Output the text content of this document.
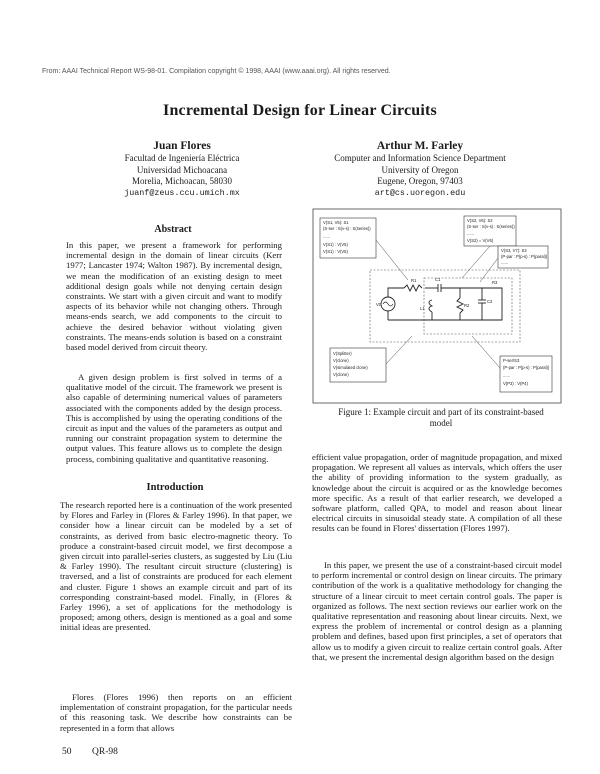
From: AAAI Technical Report WS-98-01. Compilation copyright © 1998, AAAI (www.aaai.org). All rights reserved.
Incremental Design for Linear Circuits
Juan Flores
Facultad de Ingeniería Eléctrica
Universidad Michoacana
Morelia, Michoacan, 58030
juanf@zeus.ccu.umich.mx
Arthur M. Farley
Computer and Information Science Department
University of Oregon
Eugene, Oregon, 97403
art@cs.uoregon.edu
Abstract

In this paper, we present a framework for performing incremental design in the domain of linear circuits (Kerr 1977; Lancaster 1974; Walton 1987). By incremental design, we mean the modification of an existing design to meet additional design goals while not denying certain design constraints. We start with a given circuit and want to modify aspects of its behavior while not changing others. Through means-ends search, we add components to the circuit to achieve the desired behavior without violating given constraints. The means-ends solution is based on a constraint based model derived from circuit theory.

A given design problem is first solved in terms of a qualitative model of the circuit. The framework we present is also capable of determining numerical values of parameters associated with the components added by the design process. This is accomplished by using the operating conditions of the circuit as input and the values of the parameters as output and running our constraint propagation system to determine the output values. This feature allows us to complete the design process, combining qualitative and quantitative reasoning.

Introduction

The research reported here is a continuation of the work presented by Flores and Farley in (Flores & Farley 1996). In that paper, we consider how a linear circuit can be modeled by a set of constraints, as derived from basic electro-magnetic theory. To produce a constraint-based circuit model, we first decompose a given circuit into parallel-series clusters, as suggested by Liu (Liu & Farley 1990). The resultant circuit structure (clustering) is traversed, and a list of constraints are produced for each element and cluster. Figure 1 shows an example circuit and part of its corresponding constraint-based model. Finally, in (Flores & Farley 1996), a set of applications for the methodology is proposed; among others, design is mentioned as a goal and some initial ideas are presented.

Flores (Flores 1996) then reports on an efficient implementation of constraint propagation, for the particular needs of this reasoning task. We describe how constraints can be represented in a form that allows

V(S1, V5): S1
(S-ser : S(v-s) : S(series))
......
V(S1) : V(V5)
V(S1) : V(V5)
V(S2, V6): S2
(S-ser : S(v-s) : S(series))
......
V(S2) = V(V6)
V(S3, V7): S3
(P-par : P(p-s) : P(paral))
......
P-ser/S3
(P-par : P(p-s) : P(paral))
......
V(P3) : V(P4)
V(Splitter)
V(clone)
V(simulated clone)
V(clone)
V0
R1	C1
R2
C2
R3
L1
Figure 1: Example circuit and part of its constraint-based model

efficient value propagation, order of magnitude propagation, and mixed propagation. We represent all values as intervals, which offers the user the ability of providing information to the system gradually, as knowledge about the circuit is acquired or as the knowledge becomes more specific. As a result of that earlier research, we developed a software platform, called QPA, to model and reason about linear electrical circuits in sinusoidal steady state. A compilation of all these results can be found in Flores' dissertation (Flores 1997).

In this paper, we present the use of a constraint-based circuit model to perform incremental or control design on linear circuits. The primary contribution of the work is a qualitative methodology for changing the structure of a linear circuit to meet certain control goals. The paper is organized as follows. The next section reviews our earlier work on the qualitative representation and reasoning about linear circuits. Next, we express the problem of incremental or control design as a planning problem and defines, based upon first principles, a set of operators that allow us to modify a given circuit to realize certain control goals. After that, we present the incremental design algorithm based on the design

50 QR-98
